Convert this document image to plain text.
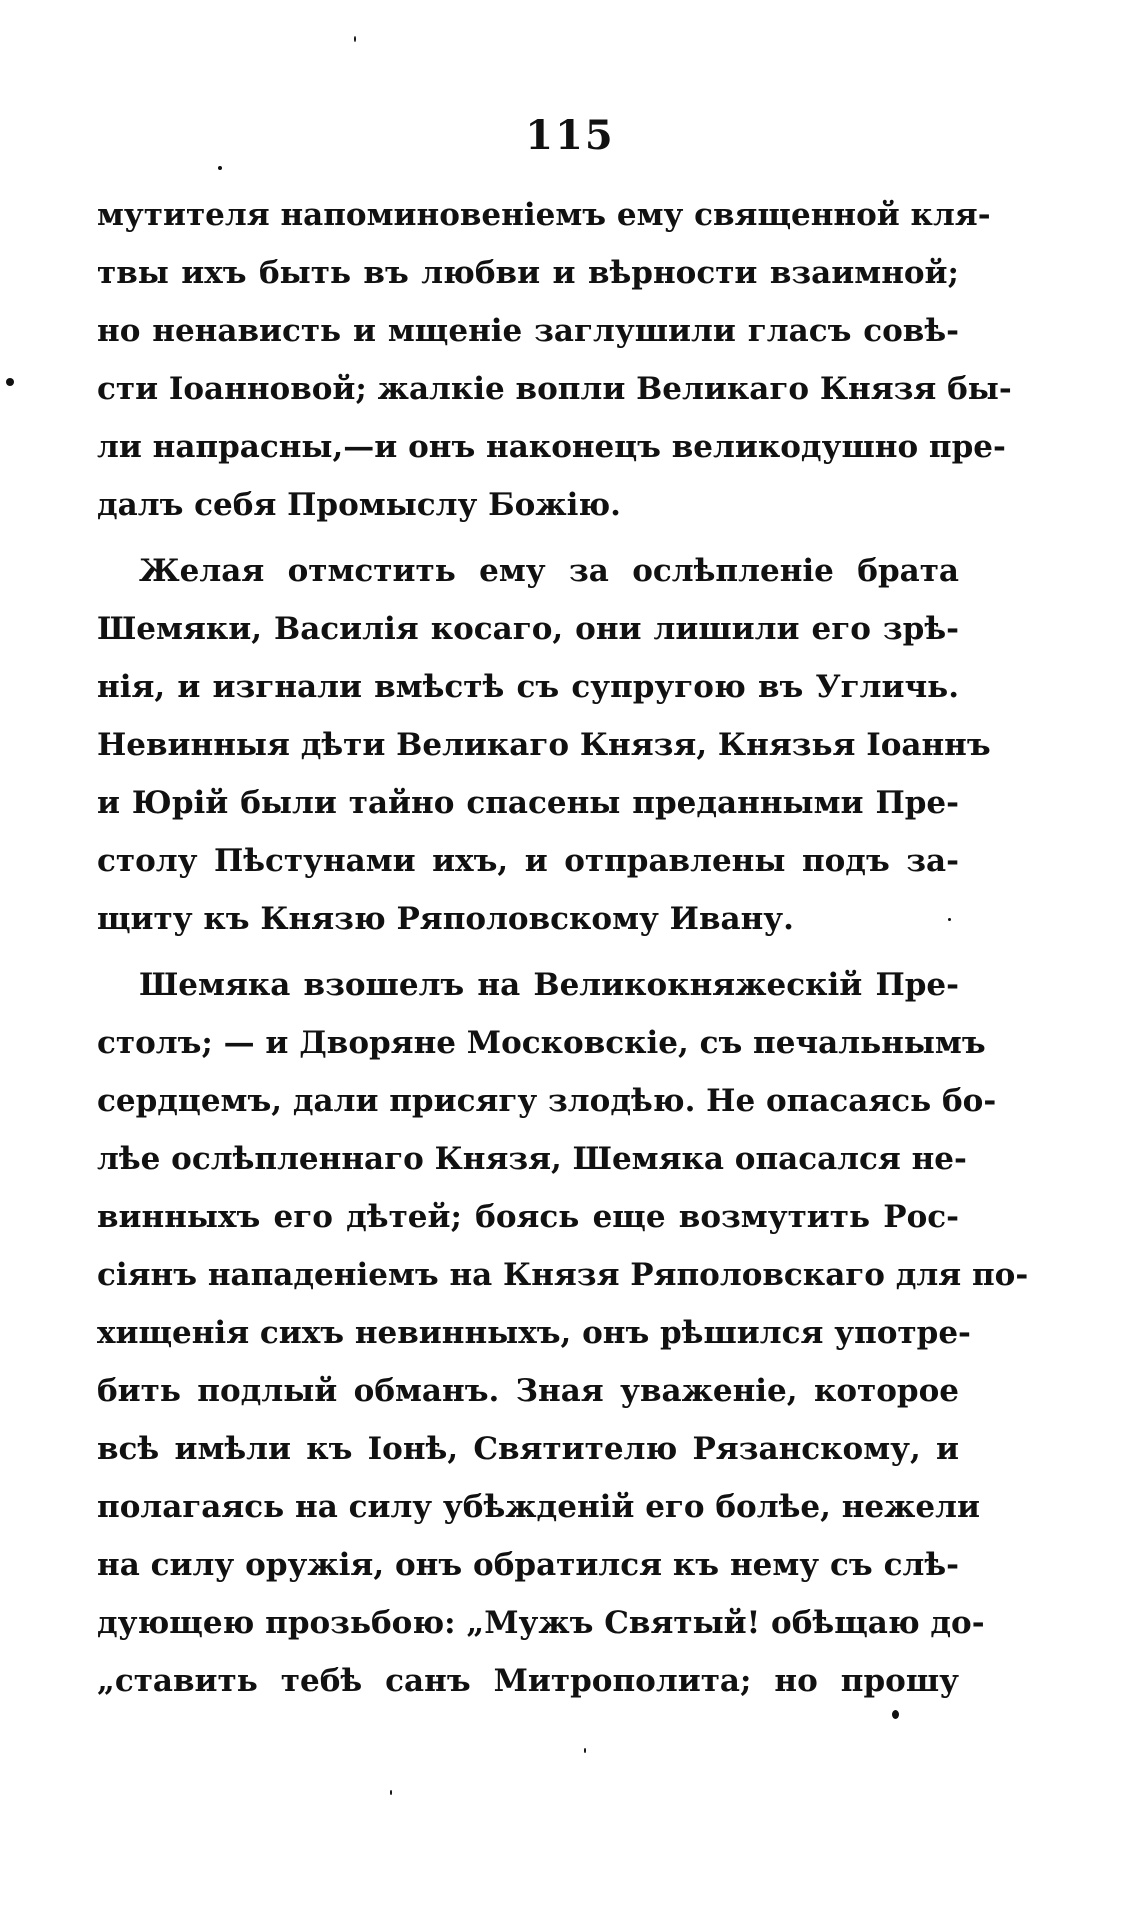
115
мутителя напоминовеніемъ ему священной кля-
твы ихъ быть въ любви и вѣрности взаимной;
но ненависть и мщеніе заглушили гласъ совѣ-
сти Іоанновой; жалкіе вопли Великаго Князя бы-
ли напрасны,—и онъ наконецъ великодушно пре-
далъ себя Промыслу Божію.
Желая отмстить ему за ослѣпленіе брата
Шемяки, Василія косаго, они лишили его зрѣ-
нія, и изгнали вмѣстѣ съ супругою въ Угличь.
Невинныя дѣти Великаго Князя, Князья Іоаннъ
и Юрій были тайно спасены преданными Пре-
столу Пѣстунами ихъ, и отправлены подъ за-
щиту къ Князю Ряполовскому Ивану.
Шемяка взошелъ на Великокняжескій Пре-
столъ; — и Дворяне Московскіе, съ печальнымъ
сердцемъ, дали присягу злодѣю. Не опасаясь бо-
лѣе ослѣпленнаго Князя, Шемяка опасался не-
винныхъ его дѣтей; боясь еще возмутить Рос-
сіянъ нападеніемъ на Князя Ряполовскаго для по-
хищенія сихъ невинныхъ, онъ рѣшился употре-
бить подлый обманъ. Зная уваженіе, которое
всѣ имѣли къ Іонѣ, Святителю Рязанскому, и
полагаясь на силу убѣжденій его болѣе, нежели
на силу оружія, онъ обратился къ нему съ слѣ-
дующею прозьбою: „Мужъ Святый! обѣщаю до-
„ставить тебѣ санъ Митрополита; но прошу
